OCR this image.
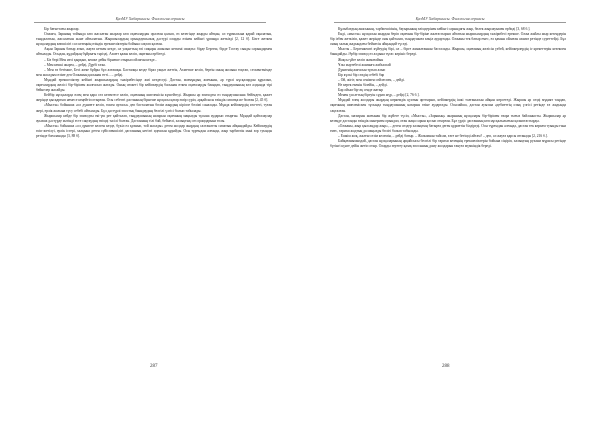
ҚазМУ Хабаршысы. Филология сериясы

Бір бағыттағы жырлар.

Олжаға, Заряның тойында көп жасалған жырлар көп оқиғалардан оралған қалып, өз кезегінде жырды айтқан, ол тұрмысына қарай оқылатын, тыңдалатын, жасалатын және айтылатын. Жыршылардың орындаушылық дәстүрі оларды өзінен кейінгі ұрпаққа жеткізді [2, 12 б]. Бізге жеткен нұсқалардың көпшілігі сол кезеңнің өзіндік ерекшеліктерін бойына сақтап қалған.

Ақын Заряны батыр атып, жауға кеткен кезде, ол уақыттың өзі сиқыры ашылып кеткені сияқты: бірде Бергеш, бірде Тостау сынды сарындармен айтылады. Осыдан, құдайдың бұйрығы тәрізді, Ахмет қажы келіп, оқиғаны өрбітеді.

– Біз бөрі Мен иесі қырқып, кешке дейін бірнеше отырып ойлаған кезде...

– Мен кешкі жырға, – дейді, Дүрбі тазы.

– Мен өз бетімше, Бесі жеке бұйры бұл алғашқы. Бастапқы кезде біраз уақыт жеттік, Ахметше келіп, бертін оның жолына тоқтап, сескенгенімде мен жасадым өзіме деп Олжаның қасынан өтті... – дейді.

Мұндай ерекшеліктер кейінгі жыршылардың тәжірибесінде жиі кездеседі. Дастан, мазмұндық жағынан, әр түрлі нұсқалардан құралып, оқиғалардың желісі бір-бірімен жалғасып жатады. Оның сюжеті бір кейіпкердің басынан өткен оқиғаларды баяндап, тыңдаушының көз алдында тірі бейнелер жасайды.

Кейбір нұсқаларда өлең мен қара сөз кезектесе келіп, оқиғаның шиеленісін күшейтеді. Жыршы әр эпизодты өз тыңдаушысына бейімдеп, қажет жерінде қысқартып немесе кеңейтіп отырған. Осы себепті дастанның бірнеше нұсқасы қатар өмір сүріп, әрқайсысы өзіндік сипатқа ие болған [2, 45 б].

«Мысты» бойынша «ол дүниеге келіп, өскен ортасы» деп басталатын бөлім жырдың кіріспе бөлімі саналады. Мұнда кейіпкердің ата-тегі, туған жері, ерлік жолына түсу себебі айтылады. Бұл дәстүрлі эпостық баяндаудың белгілі үлгісі болып табылады.

Жыршылар кейде бір эпизодты екі-үш рет қайталап, тыңдаушының назарын оқиғаның маңызды тұсына аударып отырған. Мұндай қайталаулар ауызша дәстүрде мәтінді есте сақтаудың тиімді тәсілі болған. Дастанның тілі бай, бейнелі, халықтық сөз орамдарына толы.

«Мысты» бойынша «ол дүниеге келген кезде, бүкіл ел қуанып, той жасады» деген жолдар жырдың салтанатты сипатын айқындайды. Кейіпкердің өсіп-жетілуі, ерлік істері, халқына деген сүйіспеншілігі дастанның негізгі идеясын құрайды. Осы тұрғыдан алғанда, жыр тәрбиелік мәні зор туынды ретінде бағаланады [3, 88 б].

287
ҚазМУ Хабаршысы. Филология сериясы

Құлыбаедың анасының, тәрбиешісінің, бауырының өлімдерінен кейінгі сарындағы жыр, бөлек жырлауымен өрбиді [3, 68 б.].

Енді, «мысты» нұсқасын жырдан беріп оқиғаны бір-біріне жалғастырып айтатын жыршылардың тәжірибесі ерекше. Олжа жайлы жыр кезеңдерін бір ізбен жеткізіп, қажет жерінде оны қайталап, тыңдаушыға көңіл аудартады. Олжаны тек батыр емес, ел қамын ойлаған азамат ретінде суреттейді. Бұл оның халық жадындағы бейнесін айқындай түседі.

Мысты – Бергенкешті күйеудің бірі, ол – бірге жиналғаннан басталады. Жыршы, оқиғаның желісін үзбей, кейіпкерлердің іс-әрекеттерін кезекпен баяндайды. Әрбір эпизод өз алдына тұтас көрініс береді.

Жақсы үйге келіп жамағайын

Ұлы мәртебелі жаманға жабыспай

Дүниенің жағасын тұтып алып

Бір күлкі бір сөздің себебі бар

– Ой, жігіт, мен сенімен сөйлеспек, – дейді.

Не керек екенін білейін, – дейді.

Бар ойым бір-ақ сенде жатыр

Менен үш аттың біреуін сұрап жүр, – дейді [2, 76 б.].

Мұндай өлең жолдары жырдың көркемдік қуатын арттырып, кейіпкердің ішкі толғанысын айқын көрсетеді. Жыршы әр сөзді мұқият таңдап, оқиғаның шиеленіскен тұсында тыңдаушының назарын өзіне аудартады. Осылайша, дастан ауызша әдебиеттің озық үлгісі ретінде ел жадында сақталған.

Дастан, мазмұны жағынан бір жүйеге түсіп, «Мысты», «Заряның» жырының нұсқалары бір-бірімен өзара тығыз байланысты. Жыршылар әр кезеңде дастанды өзіндік мәнермен орындап, оған жаңа сарын қосып отырған. Бұл үрдіс дастанның көп нұсқалылығын қалыптастырды.

«Олжаны, жыр қылсаңдар жыр», – деген сөздер халықтың батырға деген құрметін білдіреді. Осы тұрғыдан алғанда, дастан тек көркем туынды ғана емес, тарихи жадтың да маңызды бөлігі болып табылады.

– Ешкім жоқ, жалғыз өзім келемін, – дейді батыр. – Жолымнан тайсам, елге не бетімді айтам? – деп, ол жауға қарсы аттанады [2, 216 б.].

Байқағанымыздай, дастан нұсқаларының әрқайсысы белгілі бір тарихи кезеңнің ерекшеліктерін бойына сіңіріп, халықтың рухани мұрасы ретінде бүгінгі күнге дейін жетіп отыр. Оларды зерттеу қазақ эпосының даму жолдарын тануға мүмкіндік береді.

288
